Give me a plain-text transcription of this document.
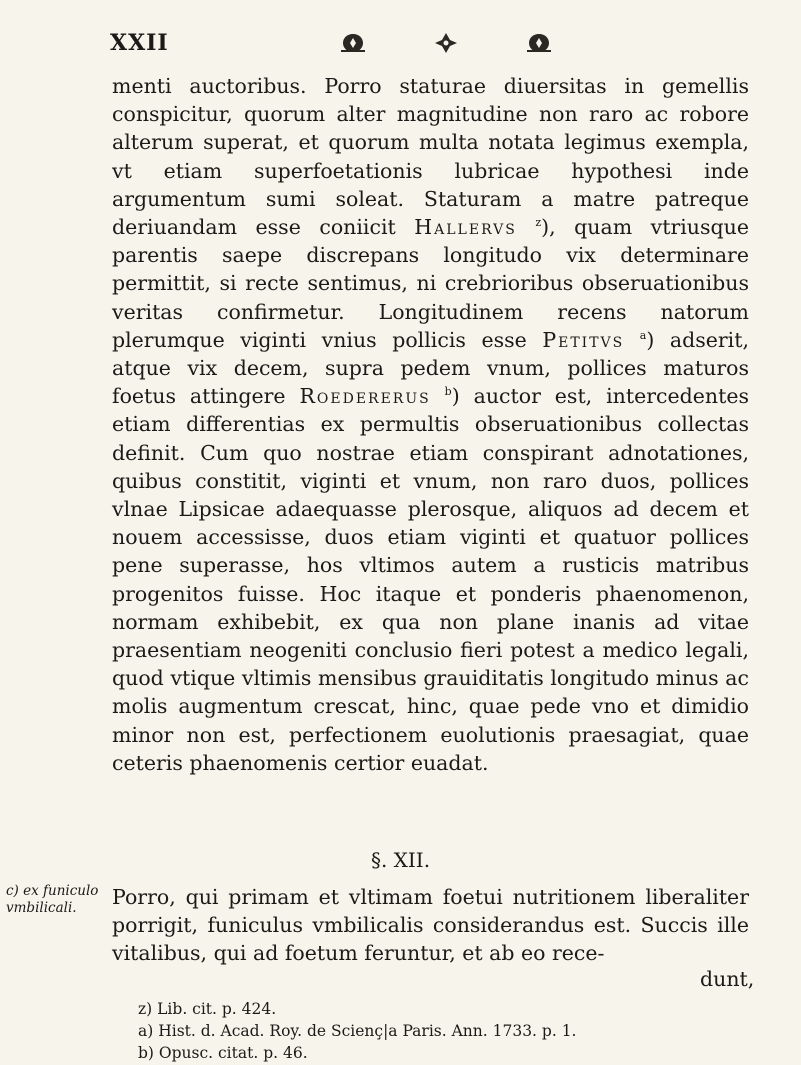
XXII

menti auctoribus. Porro staturae diuersitas in gemellis conspicitur, quorum alter magnitudine non raro ac robore alterum superat, et quorum multa notata legimus exempla, vt etiam superfoetationis lubricae hypothesi inde argumentum sumi soleat. Staturam a matre patreque deriuandam esse coniicit Hallervs $^z$), quam vtriusque parentis saepe discrepans longitudo vix determinare permittit, si recte sentimus, ni crebrioribus obseruationibus veritas confirmetur. Longitudinem recens natorum plerumque viginti vnius pollicis esse Petitvs $^a$) adserit, atque vix decem, supra pedem vnum, pollices maturos foetus attingere Roedererus $^b$) auctor est, intercedentes etiam differentias ex permultis obseruationibus collectas definit. Cum quo nostrae etiam conspirant adnotationes, quibus constitit, viginti et vnum, non raro duos, pollices vlnae Lipsicae adaequasse plerosque, aliquos ad decem et nouem accessisse, duos etiam viginti et quatuor pollices pene superasse, hos vltimos autem a rusticis matribus progenitos fuisse. Hoc itaque et ponderis phaenomenon, normam exhibebit, ex qua non plane inanis ad vitae praesentiam neogeniti conclusio fieri potest a medico legali, quod vtique vltimis mensibus grauiditatis longitudo minus ac molis augmentum crescat, hinc, quae pede vno et dimidio minor non est, perfectionem euolutionis praesagiat, quae ceteris phaenomenis certior euadat.

§. XII.
c) ex funiculo vmbilicali.	Porro, qui primam et vltimam foetui nutritionem liberaliter porrigit, funiculus vmbilicalis considerandus est. Succis ille vitalibus, qui ad foetum feruntur, et ab eo rece-

dunt,
z) Lib. cit. p. 424.
a) Hist. d. Acad. Roy. de Scienç|a Paris. Ann. 1733. p. 1.
b) Opusc. citat. p. 46.
